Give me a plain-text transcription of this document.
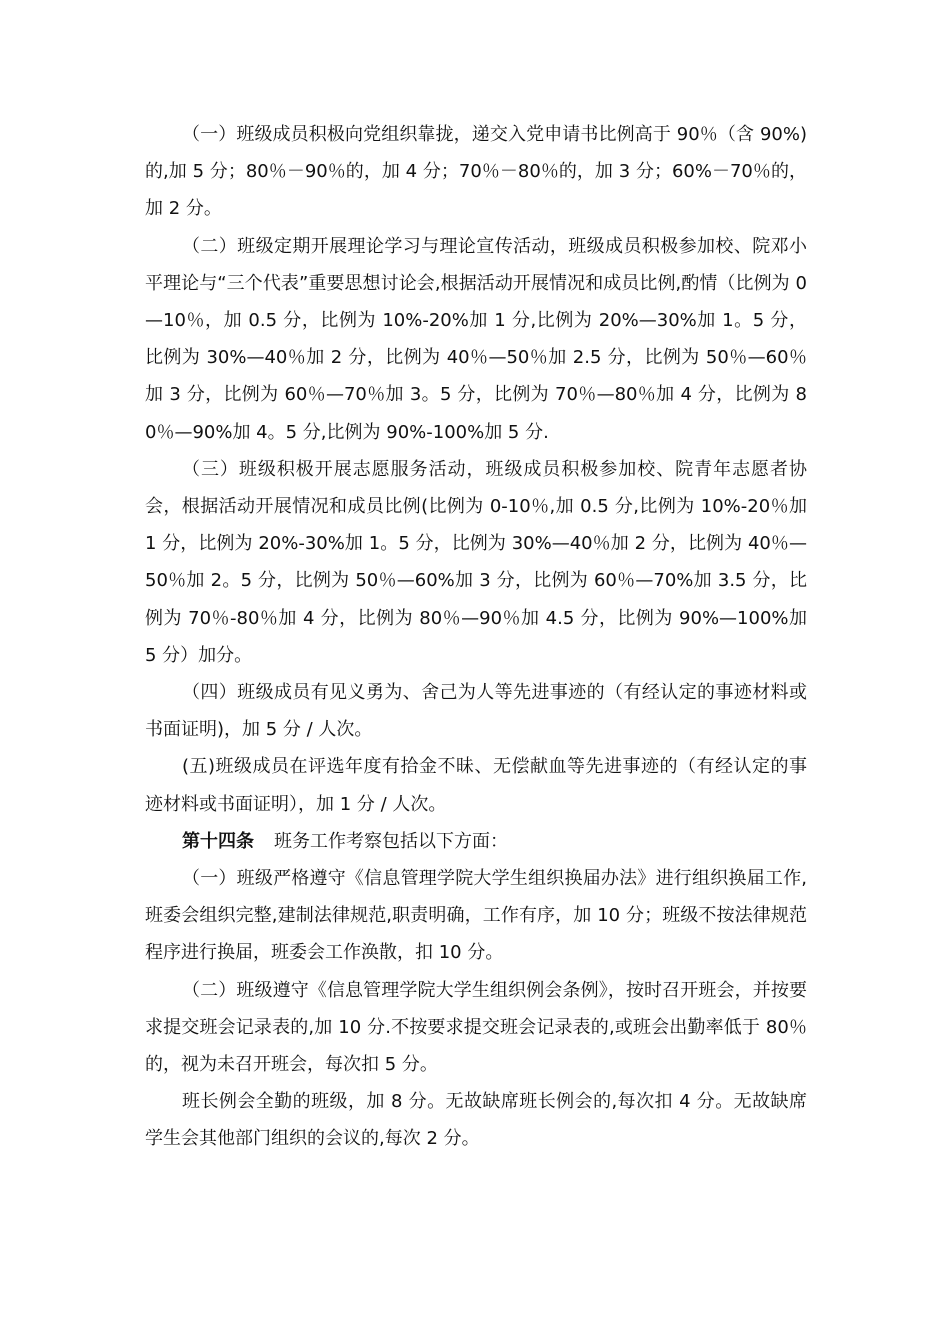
（一）班级成员积极向党组织靠拢，递交入党申请书比例高于 90％（含 90%)的,加 5 分；80％－90％的，加 4 分；70％－80％的，加 3 分；60%－70％的，加 2 分。

（二）班级定期开展理论学习与理论宣传活动，班级成员积极参加校、院邓小平理论与“三个代表”重要思想讨论会,根据活动开展情况和成员比例,酌情（比例为 0—10％，加 0.5 分，比例为 10%-20%加 1 分,比例为 20%—30%加 1。5 分，比例为 30%—40％加 2 分，比例为 40％—50％加 2.5 分，比例为 50％—60％加 3 分，比例为 60％—70％加 3。5 分，比例为 70％—80％加 4 分，比例为 80％—90%加 4。5 分,比例为 90%-100%加 5 分.

（三）班级积极开展志愿服务活动，班级成员积极参加校、院青年志愿者协会，根据活动开展情况和成员比例(比例为 0-10％,加 0.5 分,比例为 10%-20％加 1 分，比例为 20%-30%加 1。5 分，比例为 30%—40％加 2 分，比例为 40％—50％加 2。5 分，比例为 50％—60%加 3 分，比例为 60％—70%加 3.5 分，比例为 70％-80％加 4 分，比例为 80％—90％加 4.5 分，比例为 90%—100%加 5 分）加分。

（四）班级成员有见义勇为、舍己为人等先进事迹的（有经认定的事迹材料或书面证明)，加 5 分 / 人次。

(五)班级成员在评选年度有拾金不昧、无偿献血等先进事迹的（有经认定的事迹材料或书面证明），加 1 分 / 人次。

第十四条 班务工作考察包括以下方面：

（一）班级严格遵守《信息管理学院大学生组织换届办法》进行组织换届工作,班委会组织完整,建制法律规范,职责明确，工作有序，加 10 分；班级不按法律规范程序进行换届，班委会工作涣散，扣 10 分。

（二）班级遵守《信息管理学院大学生组织例会条例》，按时召开班会，并按要求提交班会记录表的,加 10 分.不按要求提交班会记录表的,或班会出勤率低于 80％的，视为未召开班会，每次扣 5 分。

班长例会全勤的班级，加 8 分。无故缺席班长例会的,每次扣 4 分。无故缺席学生会其他部门组织的会议的,每次 2 分。
